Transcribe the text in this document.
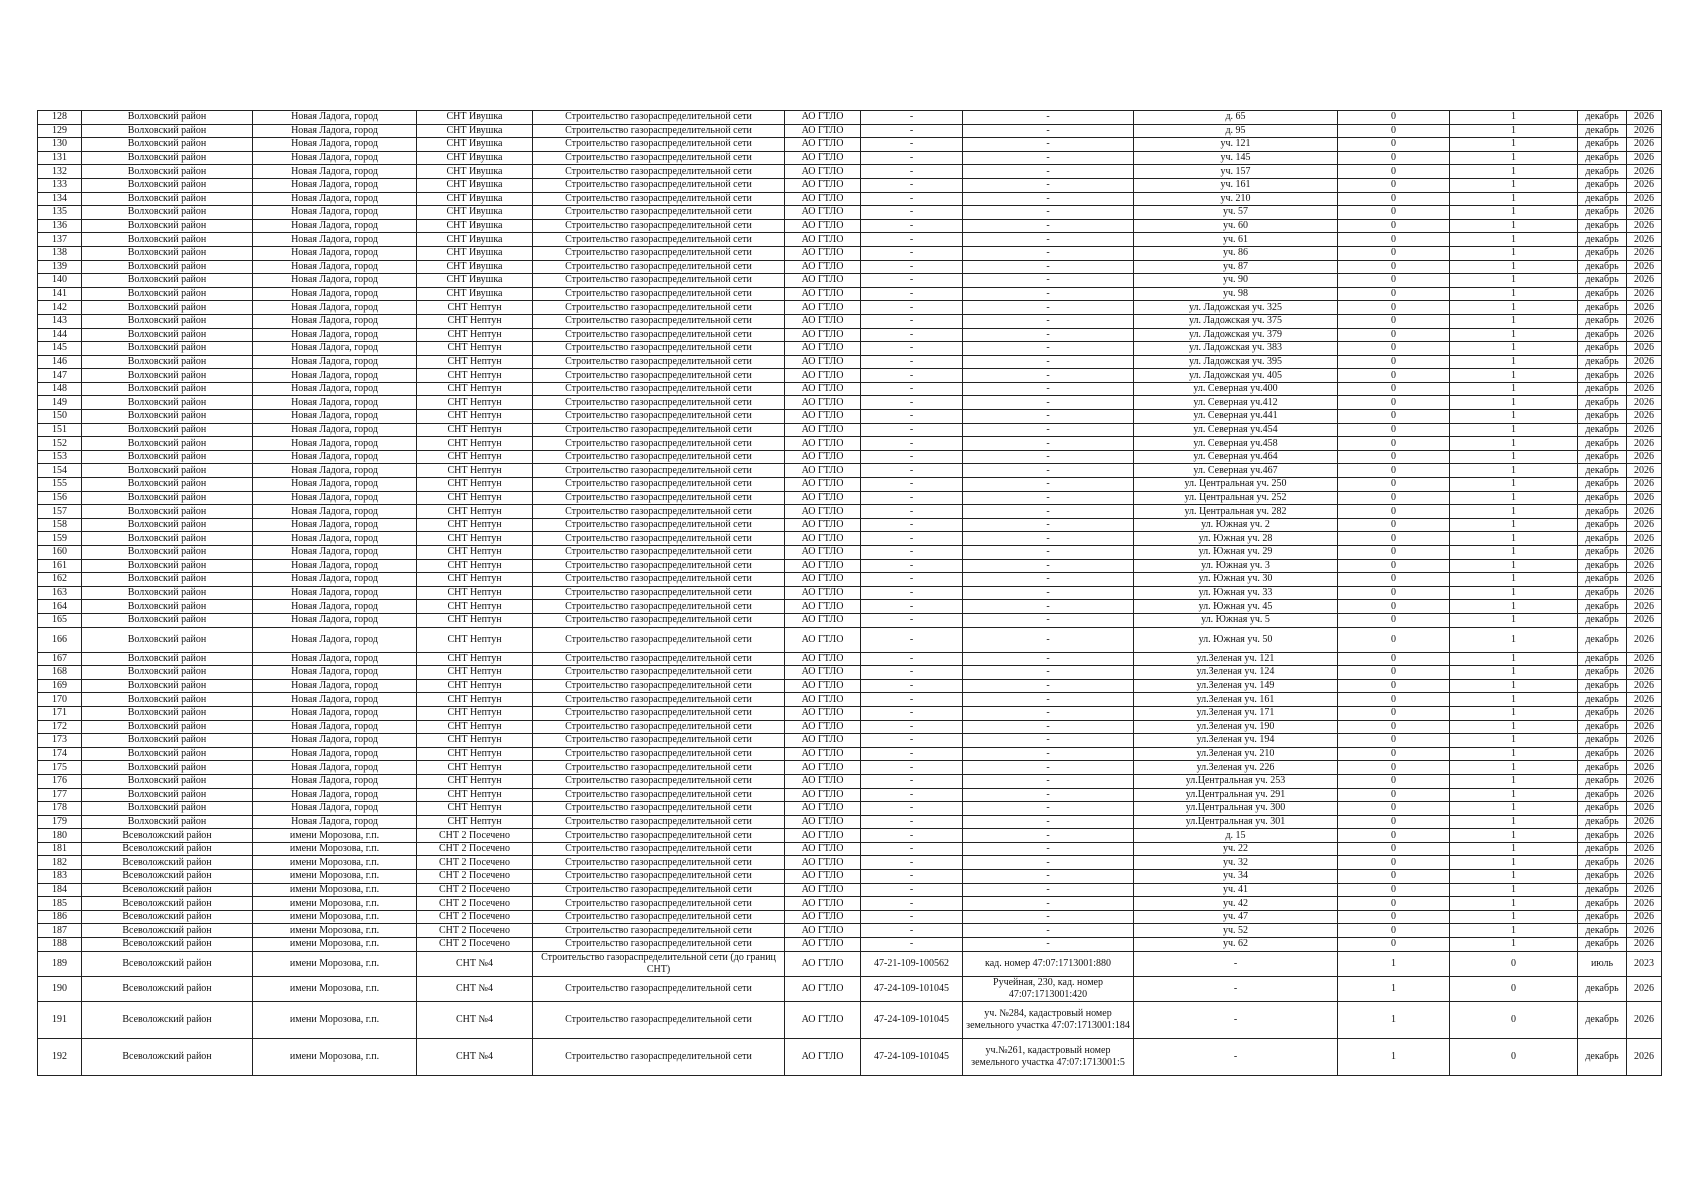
128	Волховский район	Новая Ладога, город	СНТ Ивушка	Строительство газораспределительной сети	АО ГТЛО	-	-	д. 65	0	1	декабрь	2026
129	Волховский район	Новая Ладога, город	СНТ Ивушка	Строительство газораспределительной сети	АО ГТЛО	-	-	д. 95	0	1	декабрь	2026
130	Волховский район	Новая Ладога, город	СНТ Ивушка	Строительство газораспределительной сети	АО ГТЛО	-	-	уч. 121	0	1	декабрь	2026
131	Волховский район	Новая Ладога, город	СНТ Ивушка	Строительство газораспределительной сети	АО ГТЛО	-	-	уч. 145	0	1	декабрь	2026
132	Волховский район	Новая Ладога, город	СНТ Ивушка	Строительство газораспределительной сети	АО ГТЛО	-	-	уч. 157	0	1	декабрь	2026
133	Волховский район	Новая Ладога, город	СНТ Ивушка	Строительство газораспределительной сети	АО ГТЛО	-	-	уч. 161	0	1	декабрь	2026
134	Волховский район	Новая Ладога, город	СНТ Ивушка	Строительство газораспределительной сети	АО ГТЛО	-	-	уч. 210	0	1	декабрь	2026
135	Волховский район	Новая Ладога, город	СНТ Ивушка	Строительство газораспределительной сети	АО ГТЛО	-	-	уч. 57	0	1	декабрь	2026
136	Волховский район	Новая Ладога, город	СНТ Ивушка	Строительство газораспределительной сети	АО ГТЛО	-	-	уч. 60	0	1	декабрь	2026
137	Волховский район	Новая Ладога, город	СНТ Ивушка	Строительство газораспределительной сети	АО ГТЛО	-	-	уч. 61	0	1	декабрь	2026
138	Волховский район	Новая Ладога, город	СНТ Ивушка	Строительство газораспределительной сети	АО ГТЛО	-	-	уч. 86	0	1	декабрь	2026
139	Волховский район	Новая Ладога, город	СНТ Ивушка	Строительство газораспределительной сети	АО ГТЛО	-	-	уч. 87	0	1	декабрь	2026
140	Волховский район	Новая Ладога, город	СНТ Ивушка	Строительство газораспределительной сети	АО ГТЛО	-	-	уч. 90	0	1	декабрь	2026
141	Волховский район	Новая Ладога, город	СНТ Ивушка	Строительство газораспределительной сети	АО ГТЛО	-	-	уч. 98	0	1	декабрь	2026
142	Волховский район	Новая Ладога, город	СНТ Нептун	Строительство газораспределительной сети	АО ГТЛО	-	-	ул. Ладожская уч. 325	0	1	декабрь	2026
143	Волховский район	Новая Ладога, город	СНТ Нептун	Строительство газораспределительной сети	АО ГТЛО	-	-	ул. Ладожская уч. 375	0	1	декабрь	2026
144	Волховский район	Новая Ладога, город	СНТ Нептун	Строительство газораспределительной сети	АО ГТЛО	-	-	ул. Ладожская уч. 379	0	1	декабрь	2026
145	Волховский район	Новая Ладога, город	СНТ Нептун	Строительство газораспределительной сети	АО ГТЛО	-	-	ул. Ладожская уч. 383	0	1	декабрь	2026
146	Волховский район	Новая Ладога, город	СНТ Нептун	Строительство газораспределительной сети	АО ГТЛО	-	-	ул. Ладожская уч. 395	0	1	декабрь	2026
147	Волховский район	Новая Ладога, город	СНТ Нептун	Строительство газораспределительной сети	АО ГТЛО	-	-	ул. Ладожская уч. 405	0	1	декабрь	2026
148	Волховский район	Новая Ладога, город	СНТ Нептун	Строительство газораспределительной сети	АО ГТЛО	-	-	ул. Северная уч.400	0	1	декабрь	2026
149	Волховский район	Новая Ладога, город	СНТ Нептун	Строительство газораспределительной сети	АО ГТЛО	-	-	ул. Северная уч.412	0	1	декабрь	2026
150	Волховский район	Новая Ладога, город	СНТ Нептун	Строительство газораспределительной сети	АО ГТЛО	-	-	ул. Северная уч.441	0	1	декабрь	2026
151	Волховский район	Новая Ладога, город	СНТ Нептун	Строительство газораспределительной сети	АО ГТЛО	-	-	ул. Северная уч.454	0	1	декабрь	2026
152	Волховский район	Новая Ладога, город	СНТ Нептун	Строительство газораспределительной сети	АО ГТЛО	-	-	ул. Северная уч.458	0	1	декабрь	2026
153	Волховский район	Новая Ладога, город	СНТ Нептун	Строительство газораспределительной сети	АО ГТЛО	-	-	ул. Северная уч.464	0	1	декабрь	2026
154	Волховский район	Новая Ладога, город	СНТ Нептун	Строительство газораспределительной сети	АО ГТЛО	-	-	ул. Северная уч.467	0	1	декабрь	2026
155	Волховский район	Новая Ладога, город	СНТ Нептун	Строительство газораспределительной сети	АО ГТЛО	-	-	ул. Центральная уч. 250	0	1	декабрь	2026
156	Волховский район	Новая Ладога, город	СНТ Нептун	Строительство газораспределительной сети	АО ГТЛО	-	-	ул. Центральная уч. 252	0	1	декабрь	2026
157	Волховский район	Новая Ладога, город	СНТ Нептун	Строительство газораспределительной сети	АО ГТЛО	-	-	ул. Центральная уч. 282	0	1	декабрь	2026
158	Волховский район	Новая Ладога, город	СНТ Нептун	Строительство газораспределительной сети	АО ГТЛО	-	-	ул. Южная уч. 2	0	1	декабрь	2026
159	Волховский район	Новая Ладога, город	СНТ Нептун	Строительство газораспределительной сети	АО ГТЛО	-	-	ул. Южная уч. 28	0	1	декабрь	2026
160	Волховский район	Новая Ладога, город	СНТ Нептун	Строительство газораспределительной сети	АО ГТЛО	-	-	ул. Южная уч. 29	0	1	декабрь	2026
161	Волховский район	Новая Ладога, город	СНТ Нептун	Строительство газораспределительной сети	АО ГТЛО	-	-	ул. Южная уч. 3	0	1	декабрь	2026
162	Волховский район	Новая Ладога, город	СНТ Нептун	Строительство газораспределительной сети	АО ГТЛО	-	-	ул. Южная уч. 30	0	1	декабрь	2026
163	Волховский район	Новая Ладога, город	СНТ Нептун	Строительство газораспределительной сети	АО ГТЛО	-	-	ул. Южная уч. 33	0	1	декабрь	2026
164	Волховский район	Новая Ладога, город	СНТ Нептун	Строительство газораспределительной сети	АО ГТЛО	-	-	ул. Южная уч. 45	0	1	декабрь	2026
165	Волховский район	Новая Ладога, город	СНТ Нептун	Строительство газораспределительной сети	АО ГТЛО	-	-	ул. Южная уч. 5	0	1	декабрь	2026
166	Волховский район	Новая Ладога, город	СНТ Нептун	Строительство газораспределительной сети	АО ГТЛО	-	-	ул. Южная уч. 50	0	1	декабрь	2026
167	Волховский район	Новая Ладога, город	СНТ Нептун	Строительство газораспределительной сети	АО ГТЛО	-	-	ул.Зеленая уч. 121	0	1	декабрь	2026
168	Волховский район	Новая Ладога, город	СНТ Нептун	Строительство газораспределительной сети	АО ГТЛО	-	-	ул.Зеленая уч. 124	0	1	декабрь	2026
169	Волховский район	Новая Ладога, город	СНТ Нептун	Строительство газораспределительной сети	АО ГТЛО	-	-	ул.Зеленая уч. 149	0	1	декабрь	2026
170	Волховский район	Новая Ладога, город	СНТ Нептун	Строительство газораспределительной сети	АО ГТЛО	-	-	ул.Зеленая уч. 161	0	1	декабрь	2026
171	Волховский район	Новая Ладога, город	СНТ Нептун	Строительство газораспределительной сети	АО ГТЛО	-	-	ул.Зеленая уч. 171	0	1	декабрь	2026
172	Волховский район	Новая Ладога, город	СНТ Нептун	Строительство газораспределительной сети	АО ГТЛО	-	-	ул.Зеленая уч. 190	0	1	декабрь	2026
173	Волховский район	Новая Ладога, город	СНТ Нептун	Строительство газораспределительной сети	АО ГТЛО	-	-	ул.Зеленая уч. 194	0	1	декабрь	2026
174	Волховский район	Новая Ладога, город	СНТ Нептун	Строительство газораспределительной сети	АО ГТЛО	-	-	ул.Зеленая уч. 210	0	1	декабрь	2026
175	Волховский район	Новая Ладога, город	СНТ Нептун	Строительство газораспределительной сети	АО ГТЛО	-	-	ул.Зеленая уч. 226	0	1	декабрь	2026
176	Волховский район	Новая Ладога, город	СНТ Нептун	Строительство газораспределительной сети	АО ГТЛО	-	-	ул.Центральная уч. 253	0	1	декабрь	2026
177	Волховский район	Новая Ладога, город	СНТ Нептун	Строительство газораспределительной сети	АО ГТЛО	-	-	ул.Центральная уч. 291	0	1	декабрь	2026
178	Волховский район	Новая Ладога, город	СНТ Нептун	Строительство газораспределительной сети	АО ГТЛО	-	-	ул.Центральная уч. 300	0	1	декабрь	2026
179	Волховский район	Новая Ладога, город	СНТ Нептун	Строительство газораспределительной сети	АО ГТЛО	-	-	ул.Центральная уч. 301	0	1	декабрь	2026
180	Всеволожский район	имени Морозова, г.п.	СНТ 2 Посечено	Строительство газораспределительной сети	АО ГТЛО	-	-	д. 15	0	1	декабрь	2026
181	Всеволожский район	имени Морозова, г.п.	СНТ 2 Посечено	Строительство газораспределительной сети	АО ГТЛО	-	-	уч. 22	0	1	декабрь	2026
182	Всеволожский район	имени Морозова, г.п.	СНТ 2 Посечено	Строительство газораспределительной сети	АО ГТЛО	-	-	уч. 32	0	1	декабрь	2026
183	Всеволожский район	имени Морозова, г.п.	СНТ 2 Посечено	Строительство газораспределительной сети	АО ГТЛО	-	-	уч. 34	0	1	декабрь	2026
184	Всеволожский район	имени Морозова, г.п.	СНТ 2 Посечено	Строительство газораспределительной сети	АО ГТЛО	-	-	уч. 41	0	1	декабрь	2026
185	Всеволожский район	имени Морозова, г.п.	СНТ 2 Посечено	Строительство газораспределительной сети	АО ГТЛО	-	-	уч. 42	0	1	декабрь	2026
186	Всеволожский район	имени Морозова, г.п.	СНТ 2 Посечено	Строительство газораспределительной сети	АО ГТЛО	-	-	уч. 47	0	1	декабрь	2026
187	Всеволожский район	имени Морозова, г.п.	СНТ 2 Посечено	Строительство газораспределительной сети	АО ГТЛО	-	-	уч. 52	0	1	декабрь	2026
188	Всеволожский район	имени Морозова, г.п.	СНТ 2 Посечено	Строительство газораспределительной сети	АО ГТЛО	-	-	уч. 62	0	1	декабрь	2026
189	Всеволожский район	имени Морозова, г.п.	СНТ №4	Строительство газораспределительной сети (до границ СНТ)	АО ГТЛО	47-21-109-100562	кад. номер 47:07:1713001:880	-	1	0	июль	2023
190	Всеволожский район	имени Морозова, г.п.	СНТ №4	Строительство газораспределительной сети	АО ГТЛО	47-24-109-101045	Ручейная, 230, кад. номер 47:07:1713001:420	-	1	0	декабрь	2026
191	Всеволожский район	имени Морозова, г.п.	СНТ №4	Строительство газораспределительной сети	АО ГТЛО	47-24-109-101045	уч. №284, кадастровый номер земельного участка 47:07:1713001:184	-	1	0	декабрь	2026
192	Всеволожский район	имени Морозова, г.п.	СНТ №4	Строительство газораспределительной сети	АО ГТЛО	47-24-109-101045	уч.№261, кадастровый номер земельного участка 47:07:1713001:5	-	1	0	декабрь	2026
